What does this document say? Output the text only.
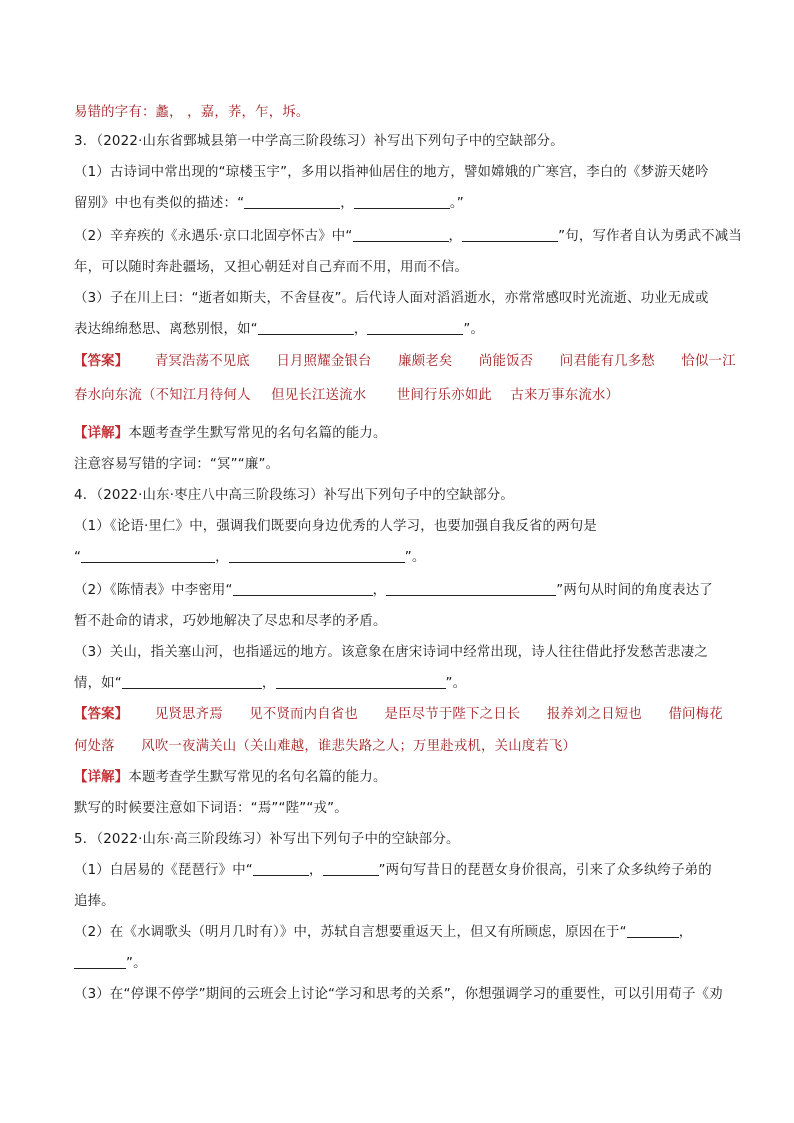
易错的字有：蠡， ，嘉，荞，乍，坼。
3．（2022·山东省鄄城县第一中学高三阶段练习）补写出下列句子中的空缺部分。
（1）古诗词中常出现的“琼楼玉宇”，多用以指神仙居住的地方，譬如嫦娥的广寒宫，李白的《梦游天姥吟
留别》中也有类似的描述：“	，	。”
（2）辛弃疾的《永遇乐·京口北固亭怀古》中“	，	”句，写作者自认为勇武不减当
年，可以随时奔赴疆场，又担心朝廷对自己弃而不用，用而不信。
（3）子在川上曰：“逝者如斯夫，不舍昼夜”。后代诗人面对滔滔逝水，亦常常感叹时光流逝、功业无成或
表达绵绵愁思、离愁别恨，如“	，	”。
【答案】 青冥浩荡不见底 日月照耀金银台 廉颇老矣 尚能饭否 问君能有几多愁 恰似一江
春水向东流（不知江月待何人 但见长江送流水 世间行乐亦如此 古来万事东流水）
【详解】本题考查学生默写常见的名句名篇的能力。
注意容易写错的字词：“冥”“廉”。
4．（2022·山东·枣庄八中高三阶段练习）补写出下列句子中的空缺部分。
（1）《论语·里仁》中，强调我们既要向身边优秀的人学习，也要加强自我反省的两句是
“	，	”。
（2）《陈情表》中李密用“	，	”两句从时间的角度表达了
暂不赴命的请求，巧妙地解决了尽忠和尽孝的矛盾。
（3）关山，指关塞山河，也指遥远的地方。该意象在唐宋诗词中经常出现，诗人往往借此抒发愁苦悲凄之
情，如“	，	”。
【答案】 见贤思齐焉 见不贤而内自省也 是臣尽节于陛下之日长 报养刘之日短也 借问梅花
何处落 风吹一夜满关山（关山难越，谁悲失路之人；万里赴戎机，关山度若飞）
【详解】本题考查学生默写常见的名句名篇的能力。
默写的时候要注意如下词语：“焉”“陛”“戎”。
5．（2022·山东·高三阶段练习）补写出下列句子中的空缺部分。
（1）白居易的《琵琶行》中“	，	”两句写昔日的琵琶女身价很高，引来了众多纨绔子弟的
追捧。
（2）在《水调歌头（明月几时有）》中，苏轼自言想要重返天上，但又有所顾虑，原因在于“	，
”。
（3）在“停课不停学”期间的云班会上讨论“学习和思考的关系”，你想强调学习的重要性，可以引用荀子《劝
